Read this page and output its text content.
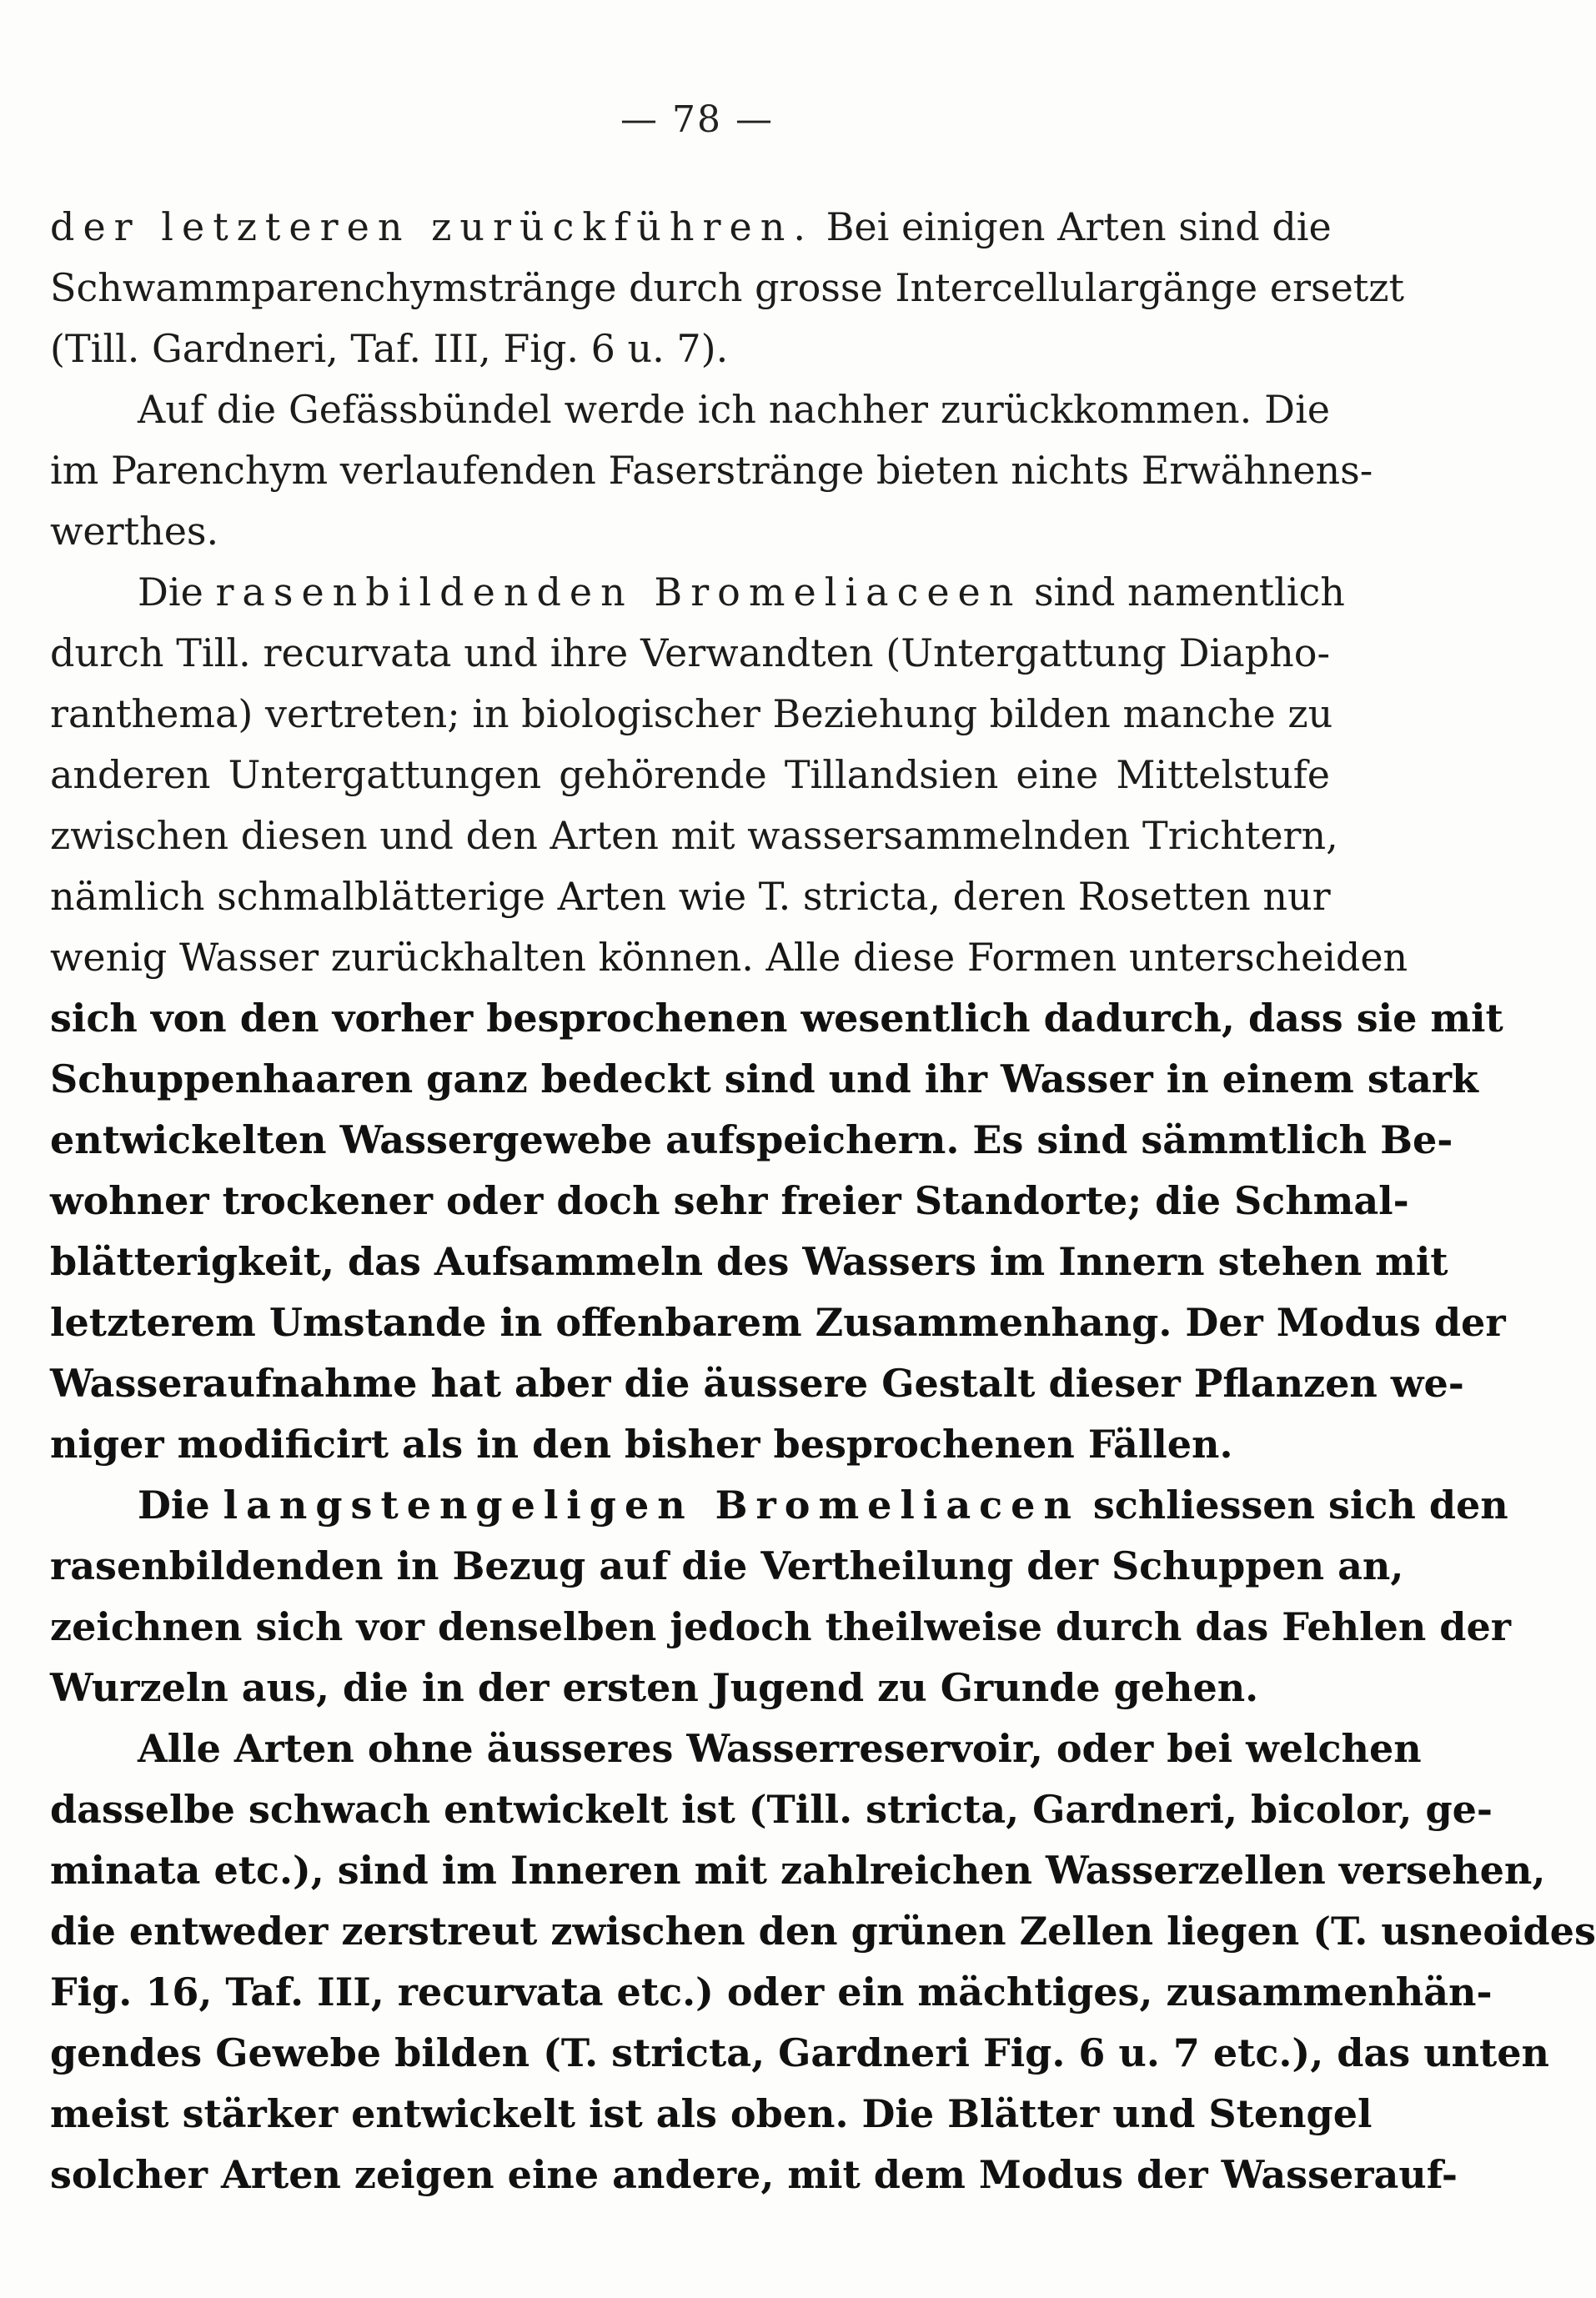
— 78 —
der letzteren zurückführen. Bei einigen Arten sind die
Schwammparenchymstränge durch grosse Intercellulargänge ersetzt
(Till. Gardneri, Taf. III, Fig. 6 u. 7).
Auf die Gefässbündel werde ich nachher zurückkommen. Die
im Parenchym verlaufenden Faserstränge bieten nichts Erwähnens-
werthes.
Die rasenbildenden Bromeliaceen sind namentlich
durch Till. recurvata und ihre Verwandten (Untergattung Diapho-
ranthema) vertreten; in biologischer Beziehung bilden manche zu
anderen Untergattungen gehörende Tillandsien eine Mittelstufe
zwischen diesen und den Arten mit wassersammelnden Trichtern,
nämlich schmalblätterige Arten wie T. stricta, deren Rosetten nur
wenig Wasser zurückhalten können. Alle diese Formen unterscheiden
sich von den vorher besprochenen wesentlich dadurch, dass sie mit
Schuppenhaaren ganz bedeckt sind und ihr Wasser in einem stark
entwickelten Wassergewebe aufspeichern. Es sind sämmtlich Be-
wohner trockener oder doch sehr freier Standorte; die Schmal-
blätterigkeit, das Aufsammeln des Wassers im Innern stehen mit
letzterem Umstande in offenbarem Zusammenhang. Der Modus der
Wasseraufnahme hat aber die äussere Gestalt dieser Pflanzen we-
niger modificirt als in den bisher besprochenen Fällen.
Die langstengeligen Bromeliacen schliessen sich den
rasenbildenden in Bezug auf die Vertheilung der Schuppen an,
zeichnen sich vor denselben jedoch theilweise durch das Fehlen der
Wurzeln aus, die in der ersten Jugend zu Grunde gehen.
Alle Arten ohne äusseres Wasserreservoir, oder bei welchen
dasselbe schwach entwickelt ist (Till. stricta, Gardneri, bicolor, ge-
minata etc.), sind im Inneren mit zahlreichen Wasserzellen versehen,
die entweder zerstreut zwischen den grünen Zellen liegen (T. usneoides
Fig. 16, Taf. III, recurvata etc.) oder ein mächtiges, zusammenhän-
gendes Gewebe bilden (T. stricta, Gardneri Fig. 6 u. 7 etc.), das unten
meist stärker entwickelt ist als oben. Die Blätter und Stengel
solcher Arten zeigen eine andere, mit dem Modus der Wasserauf-
